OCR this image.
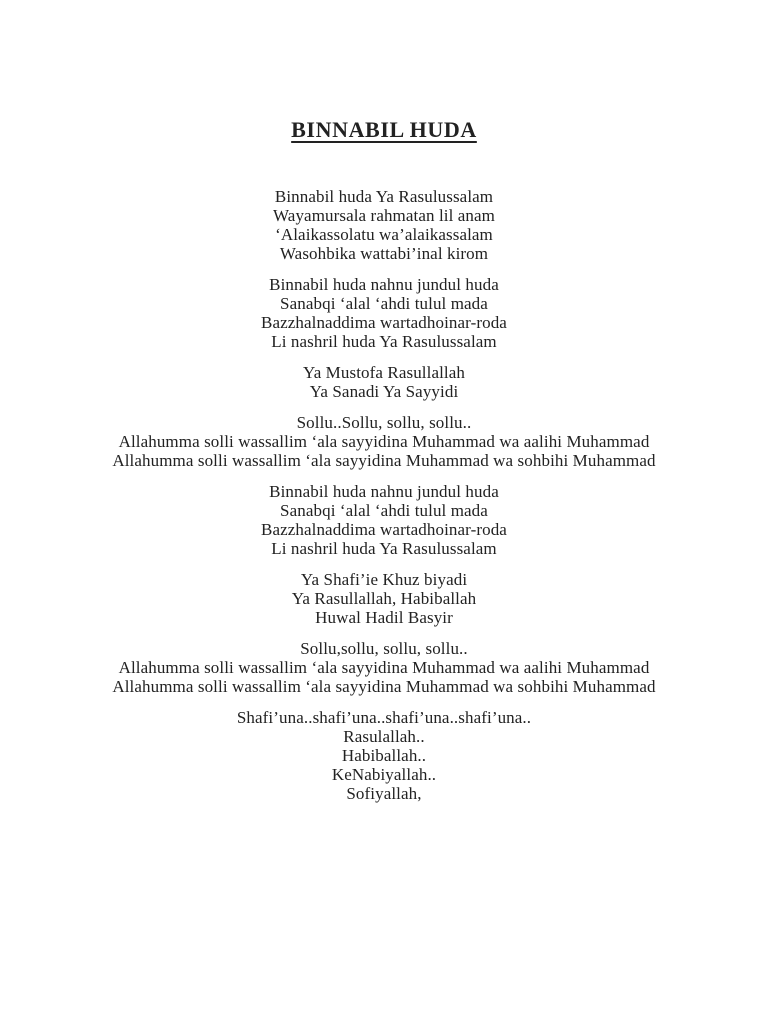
BINNABIL HUDA

Binnabil huda Ya Rasulussalam
Wayamursala rahmatan lil anam
‘Alaikassolatu wa’alaikassalam
Wasohbika wattabi’inal kirom

Binnabil huda nahnu jundul huda
Sanabqi ‘alal ‘ahdi tulul mada
Bazzhalnaddima wartadhoinar-roda
Li nashril huda Ya Rasulussalam

Ya Mustofa Rasullallah
Ya Sanadi Ya Sayyidi

Sollu..Sollu, sollu, sollu..
Allahumma solli wassallim ‘ala sayyidina Muhammad wa aalihi Muhammad
Allahumma solli wassallim ‘ala sayyidina Muhammad wa sohbihi Muhammad

Binnabil huda nahnu jundul huda
Sanabqi ‘alal ‘ahdi tulul mada
Bazzhalnaddima wartadhoinar-roda
Li nashril huda Ya Rasulussalam

Ya Shafi’ie Khuz biyadi
Ya Rasullallah, Habiballah
Huwal Hadil Basyir

Sollu,sollu, sollu, sollu..
Allahumma solli wassallim ‘ala sayyidina Muhammad wa aalihi Muhammad
Allahumma solli wassallim ‘ala sayyidina Muhammad wa sohbihi Muhammad

Shafi’una..shafi’una..shafi’una..shafi’una..
Rasulallah..
Habiballah..
KeNabiyallah..
Sofiyallah,
